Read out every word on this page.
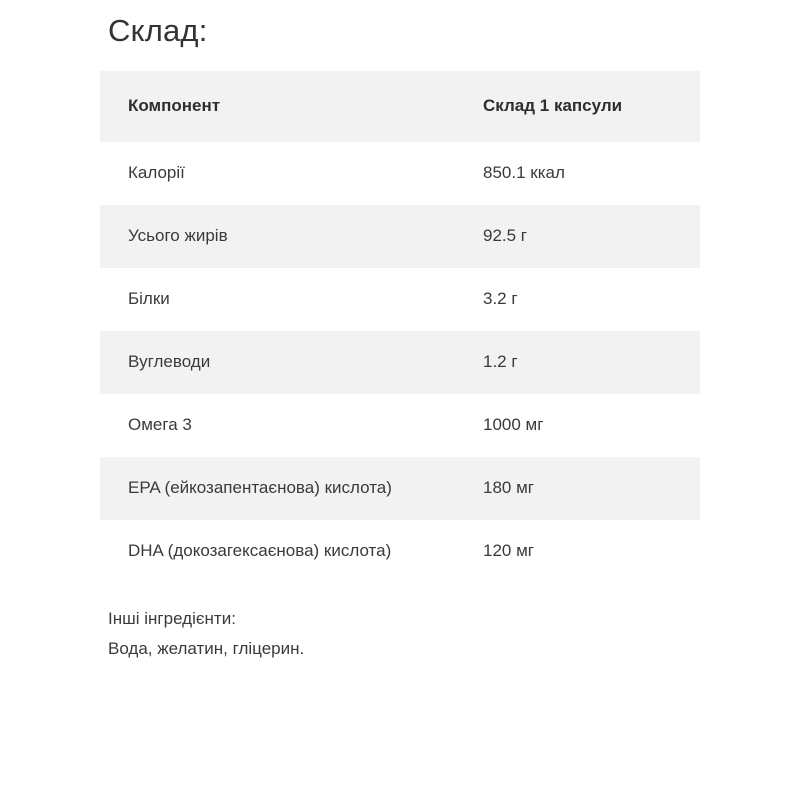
Склад:
Компонент	Склад 1 капсули
Калорії	850.1 ккал
Усього жирів	92.5 г
Білки	3.2 г
Вуглеводи	1.2 г
Омега 3	1000 мг
EPA (ейкозапентаєнова) кислота)	180 мг
DHA (докозагексаєнова) кислота)	120 мг
Інші інгредієнти:
Вода, желатин, гліцерин.
